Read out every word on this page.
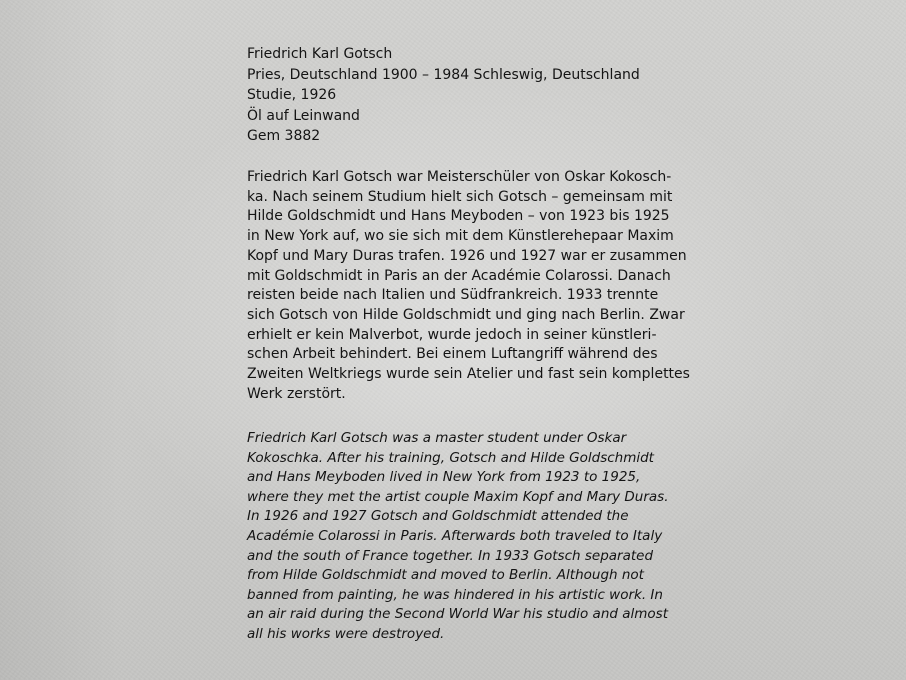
Friedrich Karl Gotsch

Pries, Deutschland 1900 – 1984 Schleswig, Deutschland

Studie, 1926

Öl auf Leinwand

Gem 3882

Friedrich Karl Gotsch war Meisterschüler von Oskar Kokosch-

ka. Nach seinem Studium hielt sich Gotsch – gemeinsam mit

Hilde Goldschmidt und Hans Meyboden – von 1923 bis 1925

in New York auf, wo sie sich mit dem Künstlerehepaar Maxim

Kopf und Mary Duras trafen. 1926 und 1927 war er zusammen

mit Goldschmidt in Paris an der Académie Colarossi. Danach

reisten beide nach Italien und Südfrankreich. 1933 trennte

sich Gotsch von Hilde Goldschmidt und ging nach Berlin. Zwar

erhielt er kein Malverbot, wurde jedoch in seiner künstleri-

schen Arbeit behindert. Bei einem Luftangriff während des

Zweiten Weltkriegs wurde sein Atelier und fast sein komplettes

Werk zerstört.

Friedrich Karl Gotsch was a master student under Oskar

Kokoschka. After his training, Gotsch and Hilde Goldschmidt

and Hans Meyboden lived in New York from 1923 to 1925,

where they met the artist couple Maxim Kopf and Mary Duras.

In 1926 and 1927 Gotsch and Goldschmidt attended the

Académie Colarossi in Paris. Afterwards both traveled to Italy

and the south of France together. In 1933 Gotsch separated

from Hilde Goldschmidt and moved to Berlin. Although not

banned from painting, he was hindered in his artistic work. In

an air raid during the Second World War his studio and almost

all his works were destroyed.
